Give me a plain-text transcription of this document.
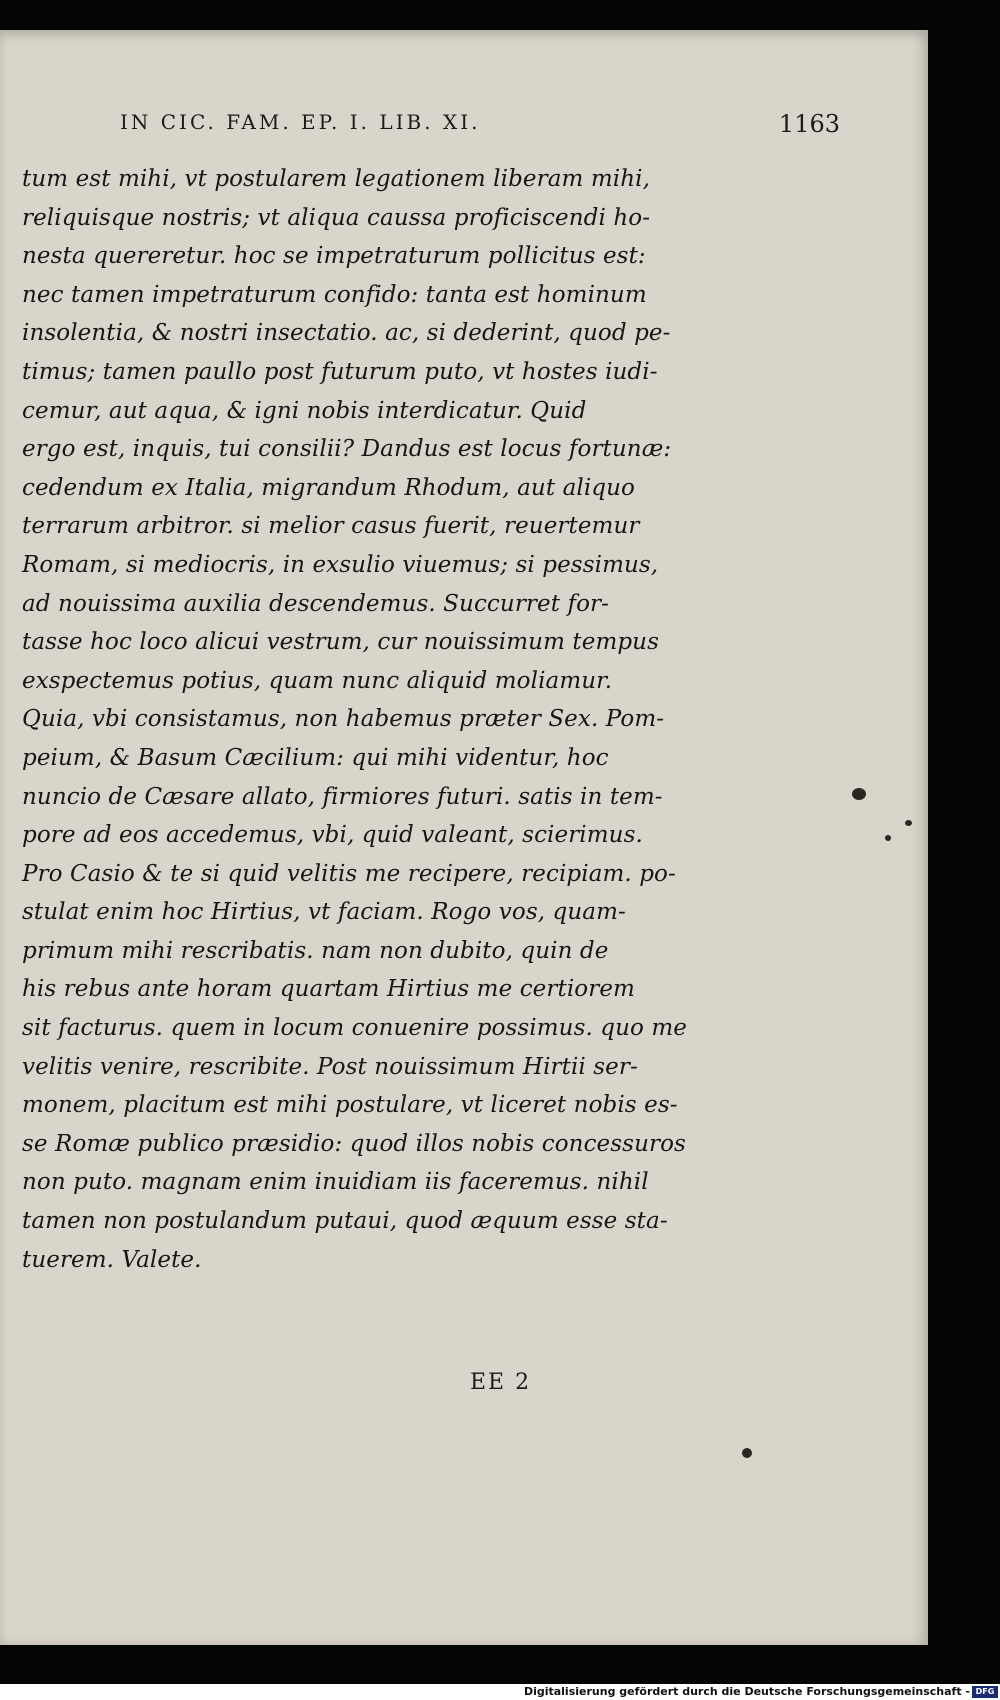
IN CIC. FAM. EP. I. LIB. XI.	1163
tum est mihi, vt postularem legationem liberam mihi,
reliquisque nostris; vt aliqua caussa proficiscendi ho-
nesta quereretur. hoc se impetraturum pollicitus est:
nec tamen impetraturum confido: tanta est hominum
insolentia, & nostri insectatio. ac, si dederint, quod pe-
timus; tamen paullo post futurum puto, vt hostes iudi-
cemur, aut aqua, & igni nobis interdicatur. Quid
ergo est, inquis, tui consilii? Dandus est locus fortunæ:
cedendum ex Italia, migrandum Rhodum, aut aliquo
terrarum arbitror. si melior casus fuerit, reuertemur
Romam, si mediocris, in exsulio viuemus; si pessimus,
ad nouissima auxilia descendemus. Succurret for-
tasse hoc loco alicui vestrum, cur nouissimum tempus
exspectemus potius, quam nunc aliquid moliamur.
Quia, vbi consistamus, non habemus præter Sex. Pom-
peium, & Basum Cæcilium: qui mihi videntur, hoc
nuncio de Cæsare allato, firmiores futuri. satis in tem-
pore ad eos accedemus, vbi, quid valeant, scierimus.
Pro Casio & te si quid velitis me recipere, recipiam. po-
stulat enim hoc Hirtius, vt faciam. Rogo vos, quam-
primum mihi rescribatis. nam non dubito, quin de
his rebus ante horam quartam Hirtius me certiorem
sit facturus. quem in locum conuenire possimus. quo me
velitis venire, rescribite. Post nouissimum Hirtii ser-
monem, placitum est mihi postulare, vt liceret nobis es-
se Romæ publico præsidio: quod illos nobis concessuros
non puto. magnam enim inuidiam iis faceremus. nihil
tamen non postulandum putaui, quod æquum esse sta-
tuerem. Valete.
EE 2
Digitalisierung gefördert durch die Deutsche Forschungsgemeinschaft - DFG
